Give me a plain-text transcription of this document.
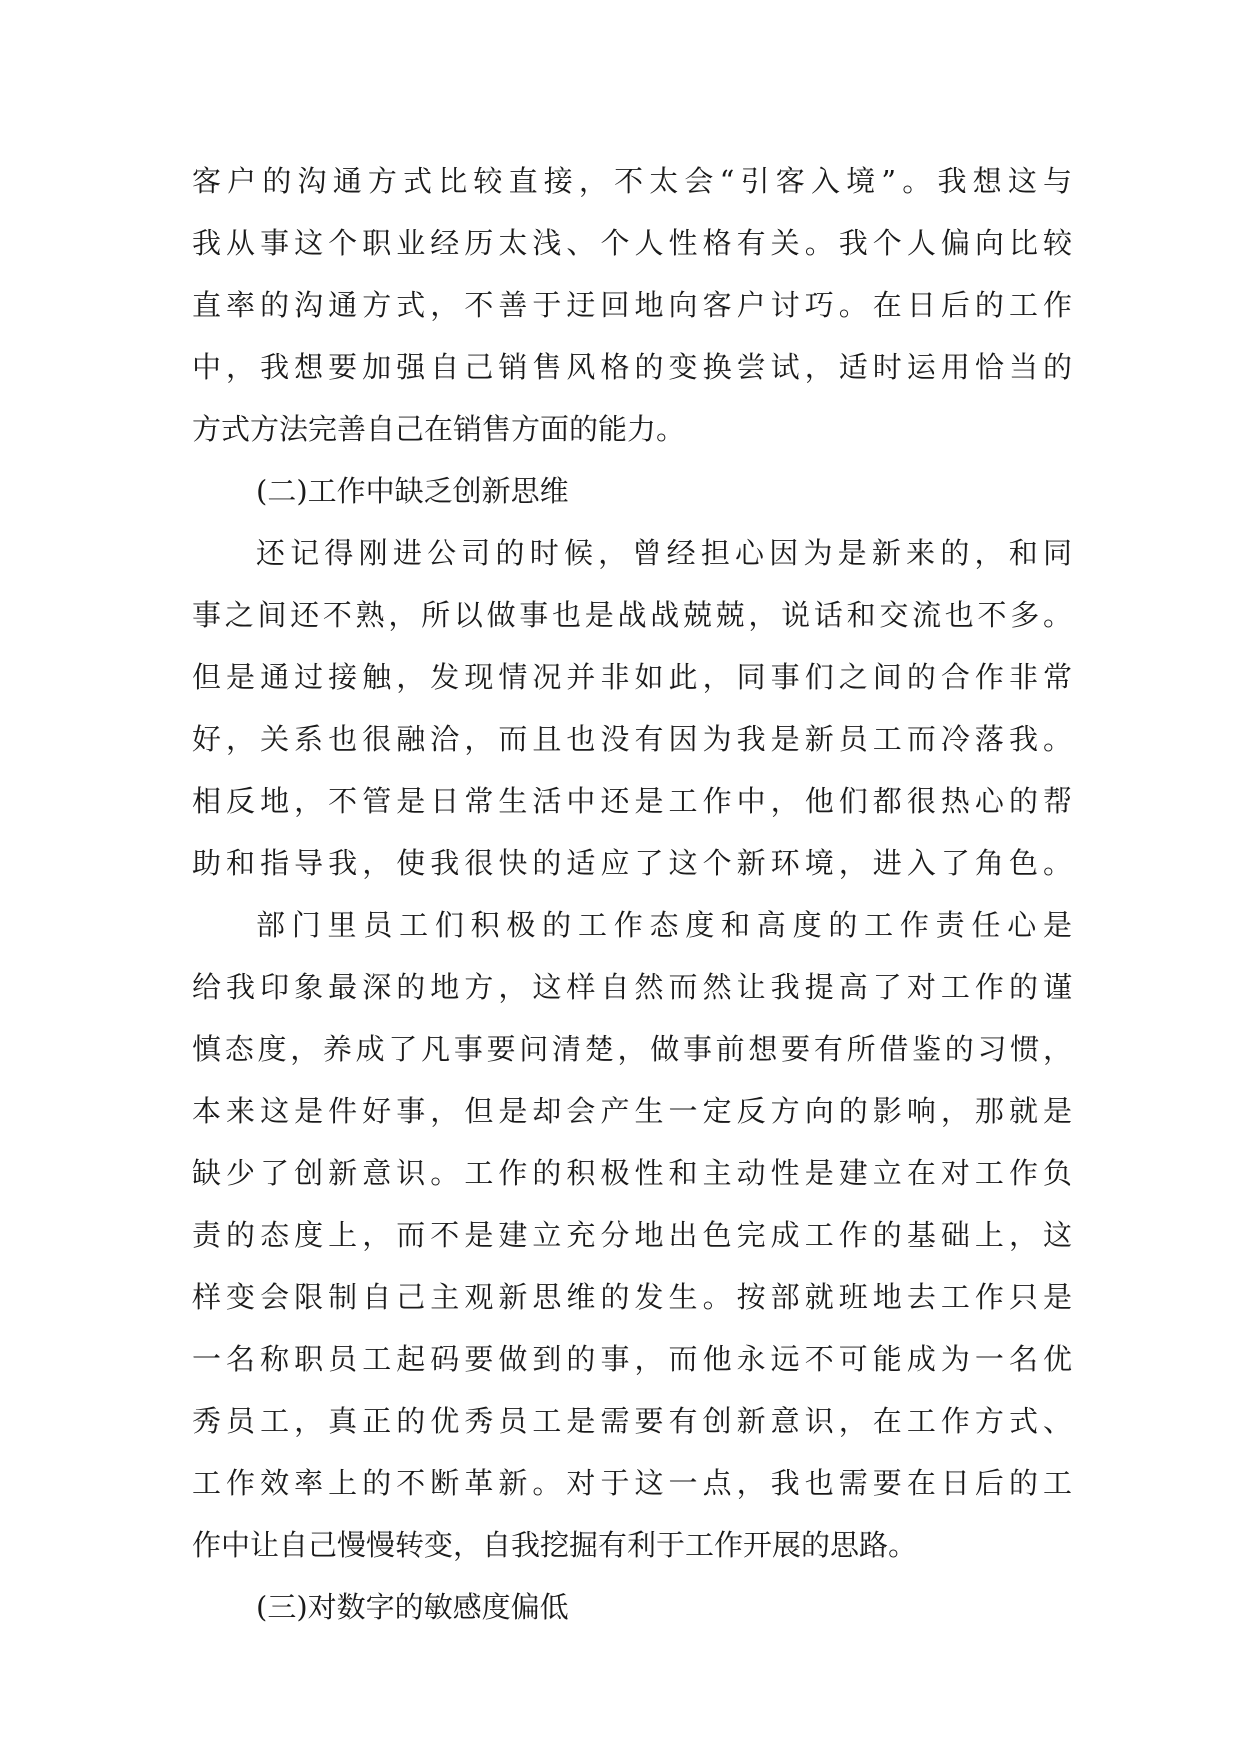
客户的沟通方式比较直接，不太会“引客入境”。我想这与
我从事这个职业经历太浅、个人性格有关。我个人偏向比较
直率的沟通方式，不善于迂回地向客户讨巧。在日后的工作
中，我想要加强自己销售风格的变换尝试，适时运用恰当的
方式方法完善自己在销售方面的能力。
(二)工作中缺乏创新思维
还记得刚进公司的时候，曾经担心因为是新来的，和同
事之间还不熟，所以做事也是战战兢兢，说话和交流也不多。
但是通过接触，发现情况并非如此，同事们之间的合作非常
好，关系也很融洽，而且也没有因为我是新员工而冷落我。
相反地，不管是日常生活中还是工作中，他们都很热心的帮
助和指导我，使我很快的适应了这个新环境，进入了角色。
部门里员工们积极的工作态度和高度的工作责任心是
给我印象最深的地方，这样自然而然让我提高了对工作的谨
慎态度，养成了凡事要问清楚，做事前想要有所借鉴的习惯，
本来这是件好事，但是却会产生一定反方向的影响，那就是
缺少了创新意识。工作的积极性和主动性是建立在对工作负
责的态度上，而不是建立充分地出色完成工作的基础上，这
样变会限制自己主观新思维的发生。按部就班地去工作只是
一名称职员工起码要做到的事，而他永远不可能成为一名优
秀员工，真正的优秀员工是需要有创新意识，在工作方式、
工作效率上的不断革新。对于这一点，我也需要在日后的工
作中让自己慢慢转变，自我挖掘有利于工作开展的思路。
(三)对数字的敏感度偏低
